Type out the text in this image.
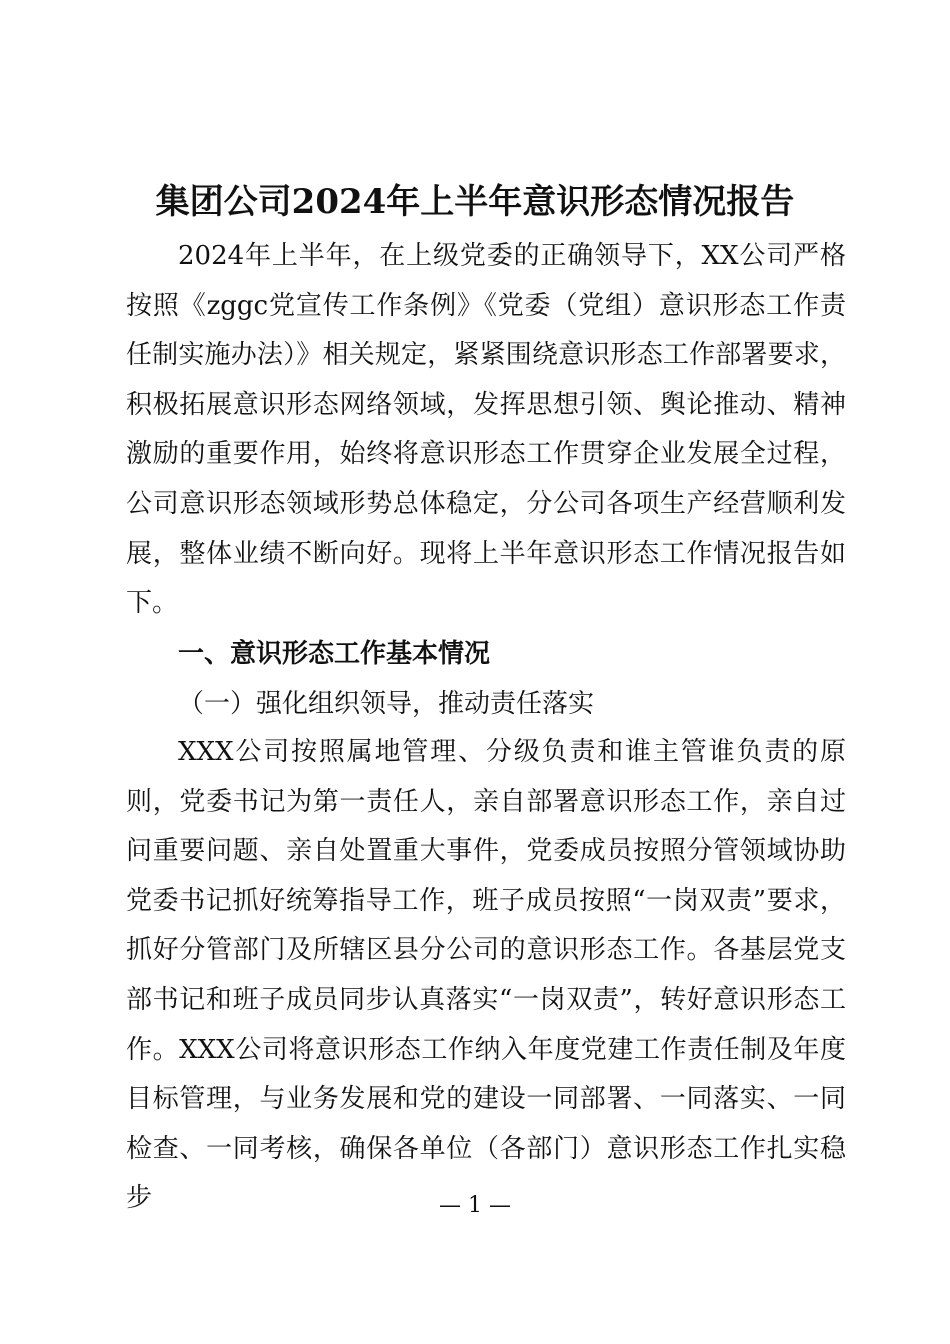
集团公司2024年上半年意识形态情况报告

2024年上半年，在上级党委的正确领导下，XX公司严格按照《zggc党宣传工作条例》《党委（党组）意识形态工作责任制实施办法）》相关规定，紧紧围绕意识形态工作部署要求，积极拓展意识形态网络领域，发挥思想引领、舆论推动、精神激励的重要作用，始终将意识形态工作贯穿企业发展全过程，公司意识形态领域形势总体稳定，分公司各项生产经营顺利发展，整体业绩不断向好。现将上半年意识形态工作情况报告如下。

一、意识形态工作基本情况
（一）强化组织领导，推动责任落实

XXX公司按照属地管理、分级负责和谁主管谁负责的原则，党委书记为第一责任人，亲自部署意识形态工作，亲自过问重要问题、亲自处置重大事件，党委成员按照分管领域协助党委书记抓好统筹指导工作，班子成员按照“一岗双责”要求，抓好分管部门及所辖区县分公司的意识形态工作。各基层党支部书记和班子成员同步认真落实“一岗双责”，转好意识形态工作。XXX公司将意识形态工作纳入年度党建工作责任制及年度目标管理，与业务发展和党的建设一同部署、一同落实、一同检查、一同考核，确保各单位（各部门）意识形态工作扎实稳步	— 1 —
